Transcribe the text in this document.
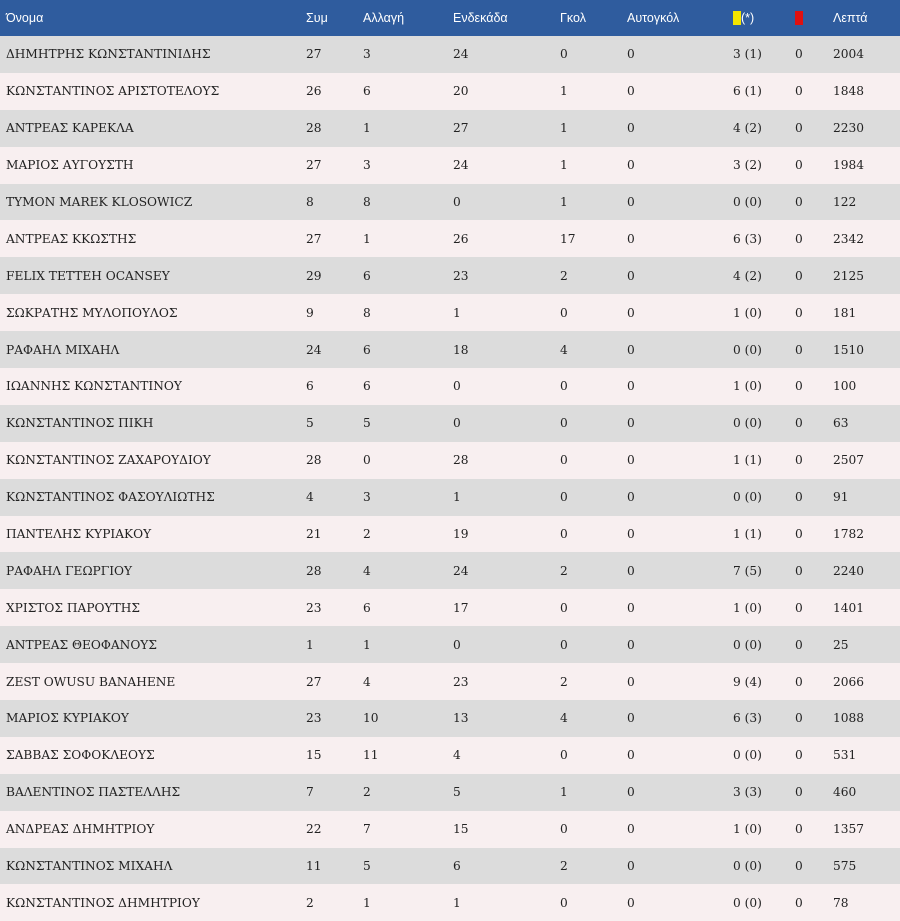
Όνομα	Συμ	Αλλαγή	Ενδεκάδα	Γκολ	Αυτογκόλ	(*)		Λεπτά
ΔΗΜΗΤΡΗΣ ΚΩΝΣΤΑΝΤΙΝΙΔΗΣ	27	3	24	0	0	3 (1)	0	2004
ΚΩΝΣΤΑΝΤΙΝΟΣ ΑΡΙΣΤΟΤΕΛΟΥΣ	26	6	20	1	0	6 (1)	0	1848
ΑΝΤΡΕΑΣ ΚΑΡΕΚΛΑ	28	1	27	1	0	4 (2)	0	2230
ΜΑΡΙΟΣ ΑΥΓΟΥΣΤΗ	27	3	24	1	0	3 (2)	0	1984
TYMON MAREK KLOSOWICZ	8	8	0	1	0	0 (0)	0	122
ΑΝΤΡΕΑΣ ΚΚΩΣΤΗΣ	27	1	26	17	0	6 (3)	0	2342
FELIX TETTEH OCANSEY	29	6	23	2	0	4 (2)	0	2125
ΣΩΚΡΑΤΗΣ ΜΥΛΟΠΟΥΛΟΣ	9	8	1	0	0	1 (0)	0	181
ΡΑΦΑΗΛ ΜΙΧΑΗΛ	24	6	18	4	0	0 (0)	0	1510
ΙΩΑΝΝΗΣ ΚΩΝΣΤΑΝΤΙΝΟΥ	6	6	0	0	0	1 (0)	0	100
ΚΩΝΣΤΑΝΤΙΝΟΣ ΠΙΚΗ	5	5	0	0	0	0 (0)	0	63
ΚΩΝΣΤΑΝΤΙΝΟΣ ΖΑΧΑΡΟΥΔΙΟΥ	28	0	28	0	0	1 (1)	0	2507
ΚΩΝΣΤΑΝΤΙΝΟΣ ΦΑΣΟΥΛΙΩΤΗΣ	4	3	1	0	0	0 (0)	0	91
ΠΑΝΤΕΛΗΣ ΚΥΡΙΑΚΟΥ	21	2	19	0	0	1 (1)	0	1782
ΡΑΦΑΗΛ ΓΕΩΡΓΙΟΥ	28	4	24	2	0	7 (5)	0	2240
ΧΡΙΣΤΟΣ ΠΑΡΟΥΤΗΣ	23	6	17	0	0	1 (0)	0	1401
ΑΝΤΡΕΑΣ ΘΕΟΦΑΝΟΥΣ	1	1	0	0	0	0 (0)	0	25
ZEST OWUSU BANAHENE	27	4	23	2	0	9 (4)	0	2066
ΜΑΡΙΟΣ ΚΥΡΙΑΚΟΥ	23	10	13	4	0	6 (3)	0	1088
ΣΑΒΒΑΣ ΣΟΦΟΚΛΕΟΥΣ	15	11	4	0	0	0 (0)	0	531
ΒΑΛΕΝΤΙΝΟΣ ΠΑΣΤΕΛΛΗΣ	7	2	5	1	0	3 (3)	0	460
ΑΝΔΡΕΑΣ ΔΗΜΗΤΡΙΟΥ	22	7	15	0	0	1 (0)	0	1357
ΚΩΝΣΤΑΝΤΙΝΟΣ ΜΙΧΑΗΛ	11	5	6	2	0	0 (0)	0	575
ΚΩΝΣΤΑΝΤΙΝΟΣ ΔΗΜΗΤΡΙΟΥ	2	1	1	0	0	0 (0)	0	78
